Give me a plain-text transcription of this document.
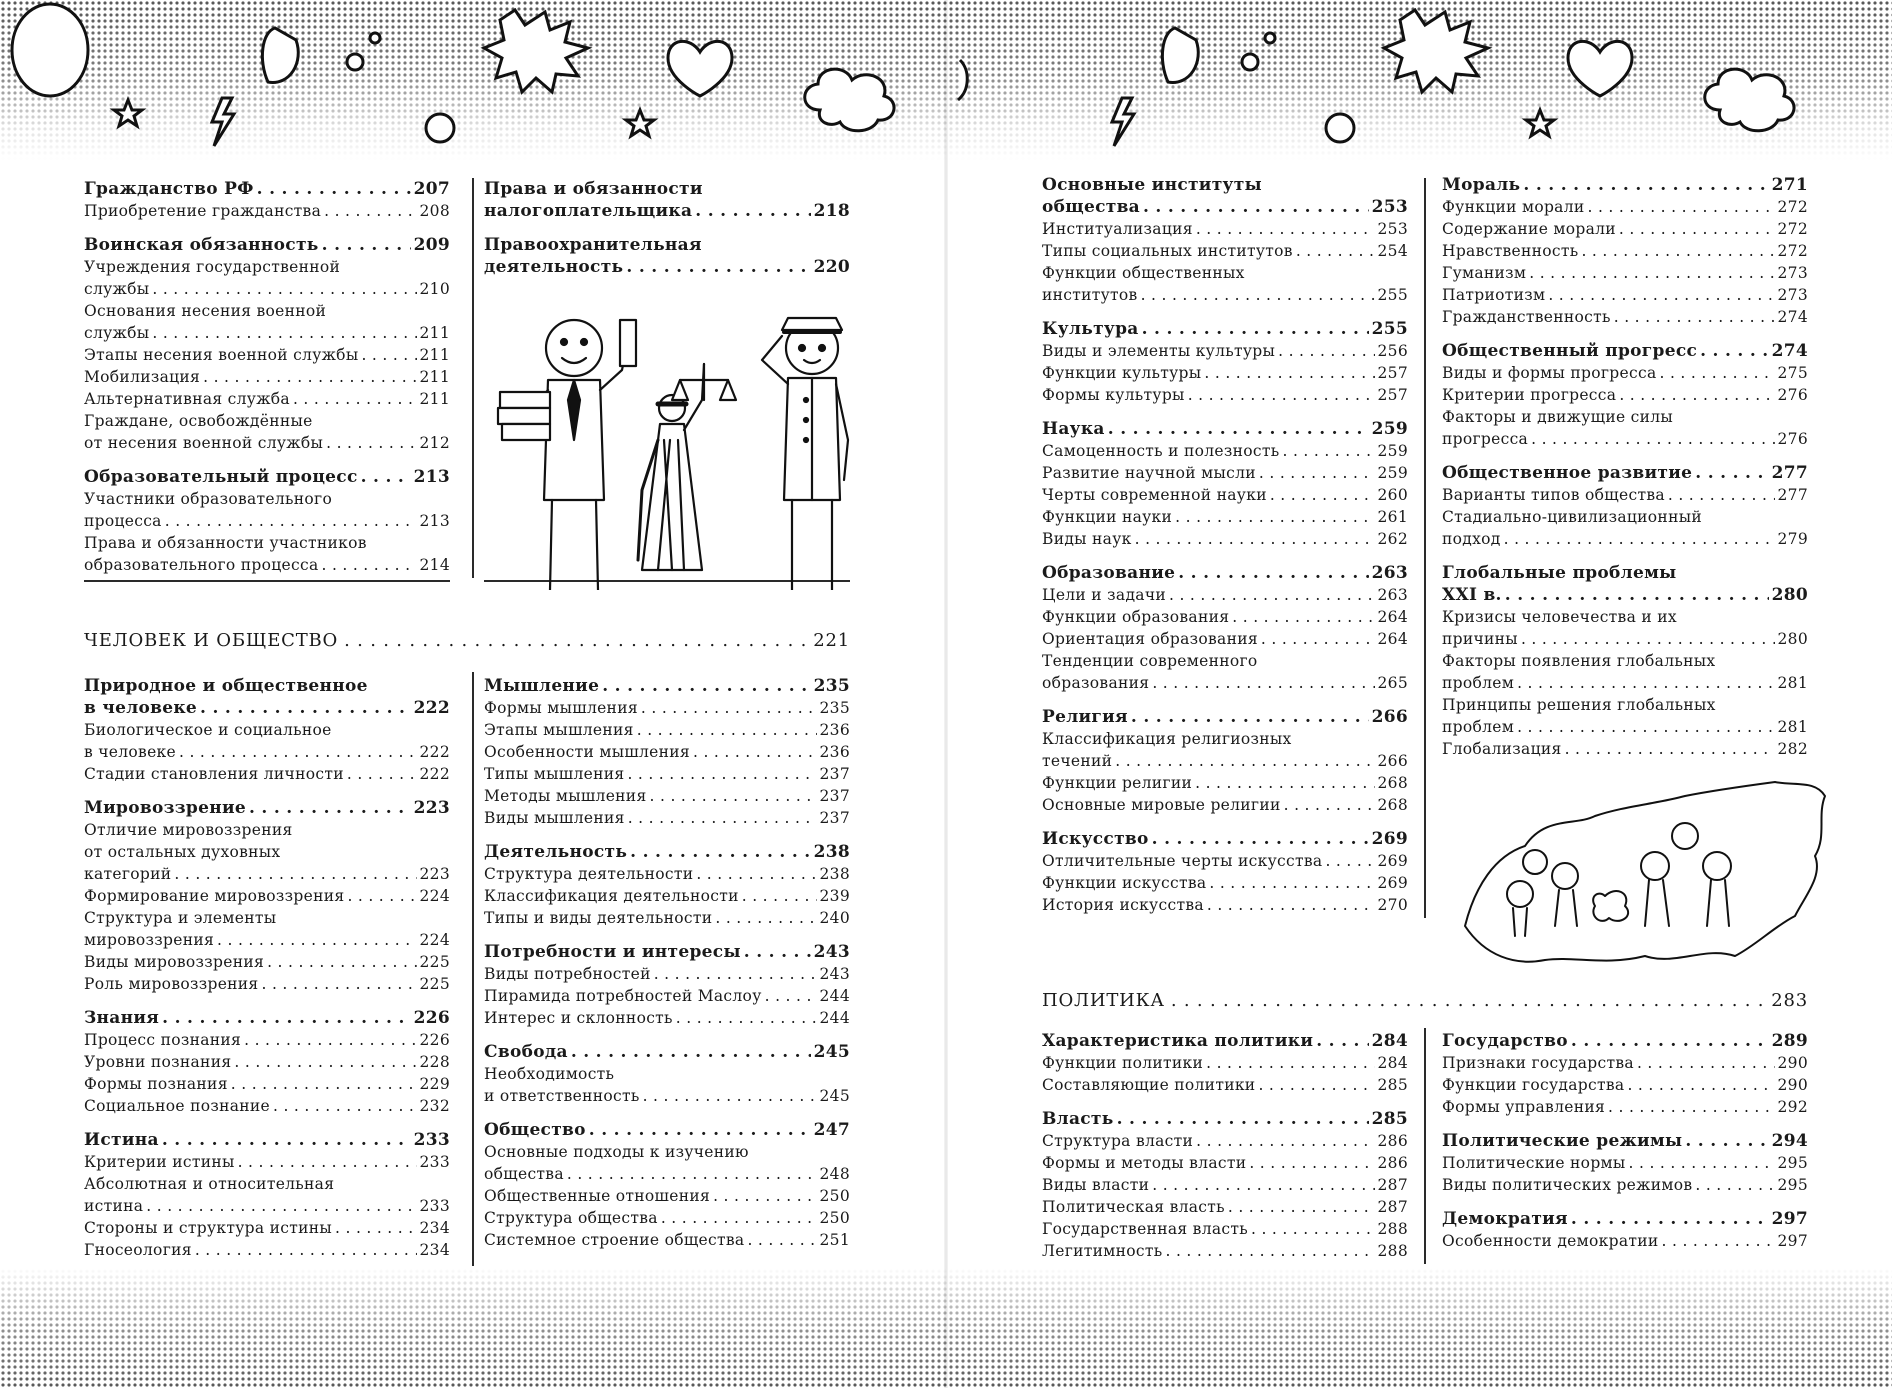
ЧЕЛОВЕК И ОБЩЕСТВО . . .	221
ПОЛИТИКА . . .	283
Гражданство РФ . . .	207
Приобретение гражданства . . .	208
Воинская обязанность . . .	209
Учреждения государственной
службы . . .	210
Основания несения военной
службы . . .	211
Этапы несения военной службы . . .	211
Мобилизация . . .	211
Альтернативная служба . . .	211
Граждане, освобождённые
от несения военной службы . . .	212
Образовательный процесс . . .	213
Участники образовательного
процесса . . .	213
Права и обязанности участников
образовательного процесса . . .	214
Права и обязанности
налогоплательщика . . .	218
Правоохранительная
деятельность . . .	220
Природное и общественное
в человеке . . .	222
Биологическое и социальное
в человеке . . .	222
Стадии становления личности . . .	222
Мировоззрение . . .	223
Отличие мировоззрения
от остальных духовных
категорий . . .	223
Формирование мировоззрения . . .	224
Структура и элементы
мировоззрения . . .	224
Виды мировоззрения . . .	225
Роль мировоззрения . . .	225
Знания . . .	226
Процесс познания . . .	226
Уровни познания . . .	228
Формы познания . . .	229
Социальное познание . . .	232
Истина . . .	233
Критерии истины . . .	233
Абсолютная и относительная
истина . . .	233
Стороны и структура истины . . .	234
Гносеология . . .	234
Мышление . . .	235
Формы мышления . . .	235
Этапы мышления . . .	236
Особенности мышления . . .	236
Типы мышления . . .	237
Методы мышления . . .	237
Виды мышления . . .	237
Деятельность . . .	238
Структура деятельности . . .	238
Классификация деятельности . . .	239
Типы и виды деятельности . . .	240
Потребности и интересы . . .	243
Виды потребностей . . .	243
Пирамида потребностей Маслоу . . .	244
Интерес и склонность . . .	244
Свобода . . .	245
Необходимость
и ответственность . . .	245
Общество . . .	247
Основные подходы к изучению
общества . . .	248
Общественные отношения . . .	250
Структура общества . . .	250
Системное строение общества . . .	251
Основные институты
общества . . .	253
Институализация . . .	253
Типы социальных институтов . . .	254
Функции общественных
институтов . . .	255
Культура . . .	255
Виды и элементы культуры . . .	256
Функции культуры . . .	257
Формы культуры . . .	257
Наука . . .	259
Самоценность и полезность . . .	259
Развитие научной мысли . . .	259
Черты современной науки . . .	260
Функции науки . . .	261
Виды наук . . .	262
Образование . . .	263
Цели и задачи . . .	263
Функции образования . . .	264
Ориентация образования . . .	264
Тенденции современного
образования . . .	265
Религия . . .	266
Классификация религиозных
течений . . .	266
Функции религии . . .	268
Основные мировые религии . . .	268
Искусство . . .	269
Отличительные черты искусства . . .	269
Функции искусства . . .	269
История искусства . . .	270
Мораль . . .	271
Функции морали . . .	272
Содержание морали . . .	272
Нравственность . . .	272
Гуманизм . . .	273
Патриотизм . . .	273
Гражданственность . . .	274
Общественный прогресс . . .	274
Виды и формы прогресса . . .	275
Критерии прогресса . . .	276
Факторы и движущие силы
прогресса . . .	276
Общественное развитие . . .	277
Варианты типов общества . . .	277
Стадиально-цивилизационный
подход . . .	279
Глобальные проблемы
XXI в. . . .	280
Кризисы человечества и их
причины . . .	280
Факторы появления глобальных
проблем . . .	281
Принципы решения глобальных
проблем . . .	281
Глобализация . . .	282
Характеристика политики . . .	284
Функции политики . . .	284
Составляющие политики . . .	285
Власть . . .	285
Структура власти . . .	286
Формы и методы власти . . .	286
Виды власти . . .	287
Политическая власть . . .	287
Государственная власть . . .	288
Легитимность . . .	288
Государство . . .	289
Признаки государства . . .	290
Функции государства . . .	290
Формы управления . . .	292
Политические режимы . . .	294
Политические нормы . . .	295
Виды политических режимов . . .	295
Демократия . . .	297
Особенности демократии . . .	297
